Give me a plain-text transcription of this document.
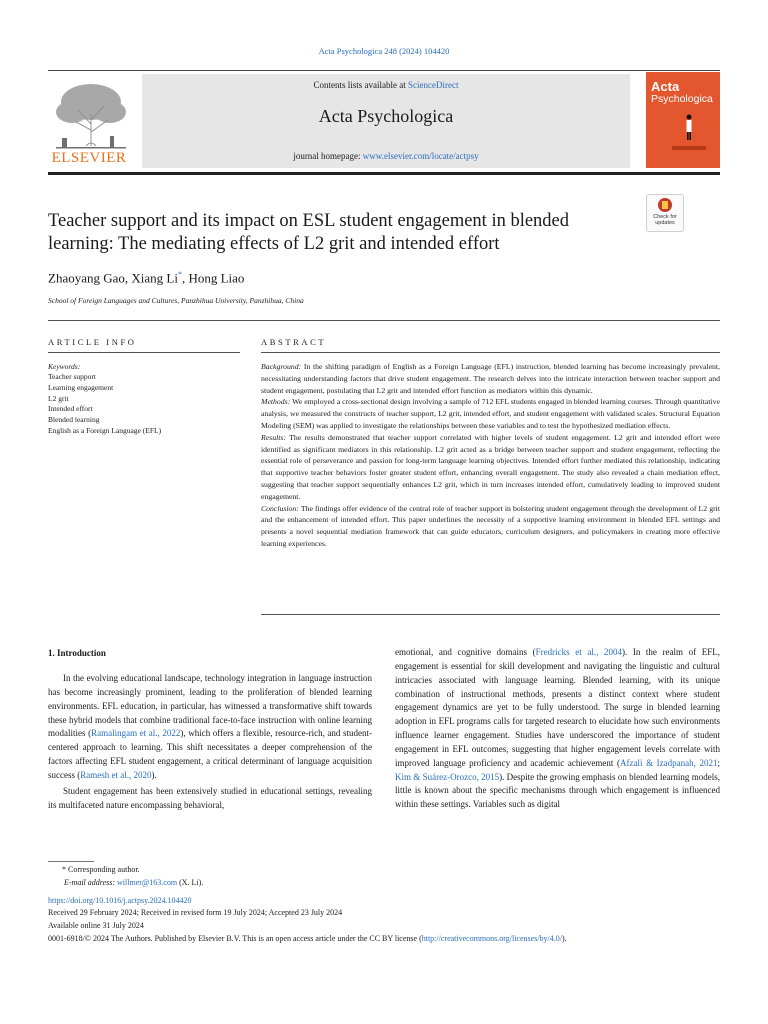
Acta Psychologica 248 (2024) 104420
ELSEVIER
Contents lists available at ScienceDirect
Acta Psychologica
journal homepage: www.elsevier.com/locate/actpsy
Acta
Psychologica
Check for updates
Teacher support and its impact on ESL student engagement in blended learning: The mediating effects of L2 grit and intended effort
Zhaoyang Gao, Xiang Li*, Hong Liao
School of Foreign Languages and Cultures, Panzhihua University, Panzhihua, China
ARTICLE INFO
Keywords:
Teacher support
Learning engagement
L2 grit
Intended effort
Blended learning
English as a Foreign Language (EFL)
ABSTRACT

Background: In the shifting paradigm of English as a Foreign Language (EFL) instruction, blended learning has become increasingly prevalent, necessitating understanding factors that drive student engagement. The research delves into the intricate interaction between teacher support and student engagement, postulating that L2 grit and intended effort function as mediators within this dynamic.

Methods: We employed a cross-sectional design involving a sample of 712 EFL students engaged in blended learning courses. Through quantitative analysis, we measured the constructs of teacher support, L2 grit, intended effort, and student engagement with validated scales. Structural Equation Modeling (SEM) was applied to investigate the relationships between these variables and to test the hypothesized mediation effects.

Results: The results demonstrated that teacher support correlated with higher levels of student engagement. L2 grit and intended effort were identified as significant mediators in this relationship. L2 grit acted as a bridge between teacher support and student engagement, reflecting the essential role of perseverance and passion for long-term language learning objectives. Intended effort further mediated this relationship, indicating that supportive teacher behaviors foster greater student effort, enhancing overall engagement. The study also revealed a chain mediation effect, suggesting that teacher support sequentially enhances L2 grit, which in turn increases intended effort, cumulatively leading to improved student engagement.

Conclusion: The findings offer evidence of the central role of teacher support in bolstering student engagement through the development of L2 grit and the enhancement of intended effort. This paper underlines the necessity of a supportive learning environment in blended EFL settings and presents a novel sequential mediation framework that can guide educators, curriculum designers, and policymakers in creating more effective learning experiences.

1. Introduction

In the evolving educational landscape, technology integration in language instruction has become increasingly prominent, leading to the proliferation of blended learning environments. EFL education, in particular, has witnessed a transformative shift towards these hybrid models that combine traditional face-to-face instruction with online learning modalities (Ramalingam et al., 2022), which offers a flexible, resource-rich, and student-centered approach to learning. This shift necessitates a deeper comprehension of the factors affecting EFL student engagement, a critical determinant of language acquisition success (Ramesh et al., 2020).

Student engagement has been extensively studied in educational settings, revealing its multifaceted nature encompassing behavioral,

emotional, and cognitive domains (Fredricks et al., 2004). In the realm of EFL, engagement is essential for skill development and navigating the linguistic and cultural intricacies associated with language learning. Blended learning, with its unique combination of instructional methods, presents a distinct context where student engagement dynamics are yet to be fully understood. The surge in blended learning adoption in EFL programs calls for targeted research to elucidate how such environments influence learner engagement. Studies have underscored the importance of student engagement in EFL outcomes, suggesting that higher engagement levels correlate with improved language proficiency and academic achievement (Afzali & Izadpanah, 2021; Kim & Suárez-Orozco, 2015). Despite the growing emphasis on blended learning models, little is known about the specific mechanisms through which engagement is influenced within these settings. Variables such as digital

* Corresponding author.
E-mail address: willmer@163.com (X. Li).
https://doi.org/10.1016/j.actpsy.2024.104420
Received 29 February 2024; Received in revised form 19 July 2024; Accepted 23 July 2024
Available online 31 July 2024
0001-6918/© 2024 The Authors. Published by Elsevier B.V. This is an open access article under the CC BY license (http://creativecommons.org/licenses/by/4.0/).
